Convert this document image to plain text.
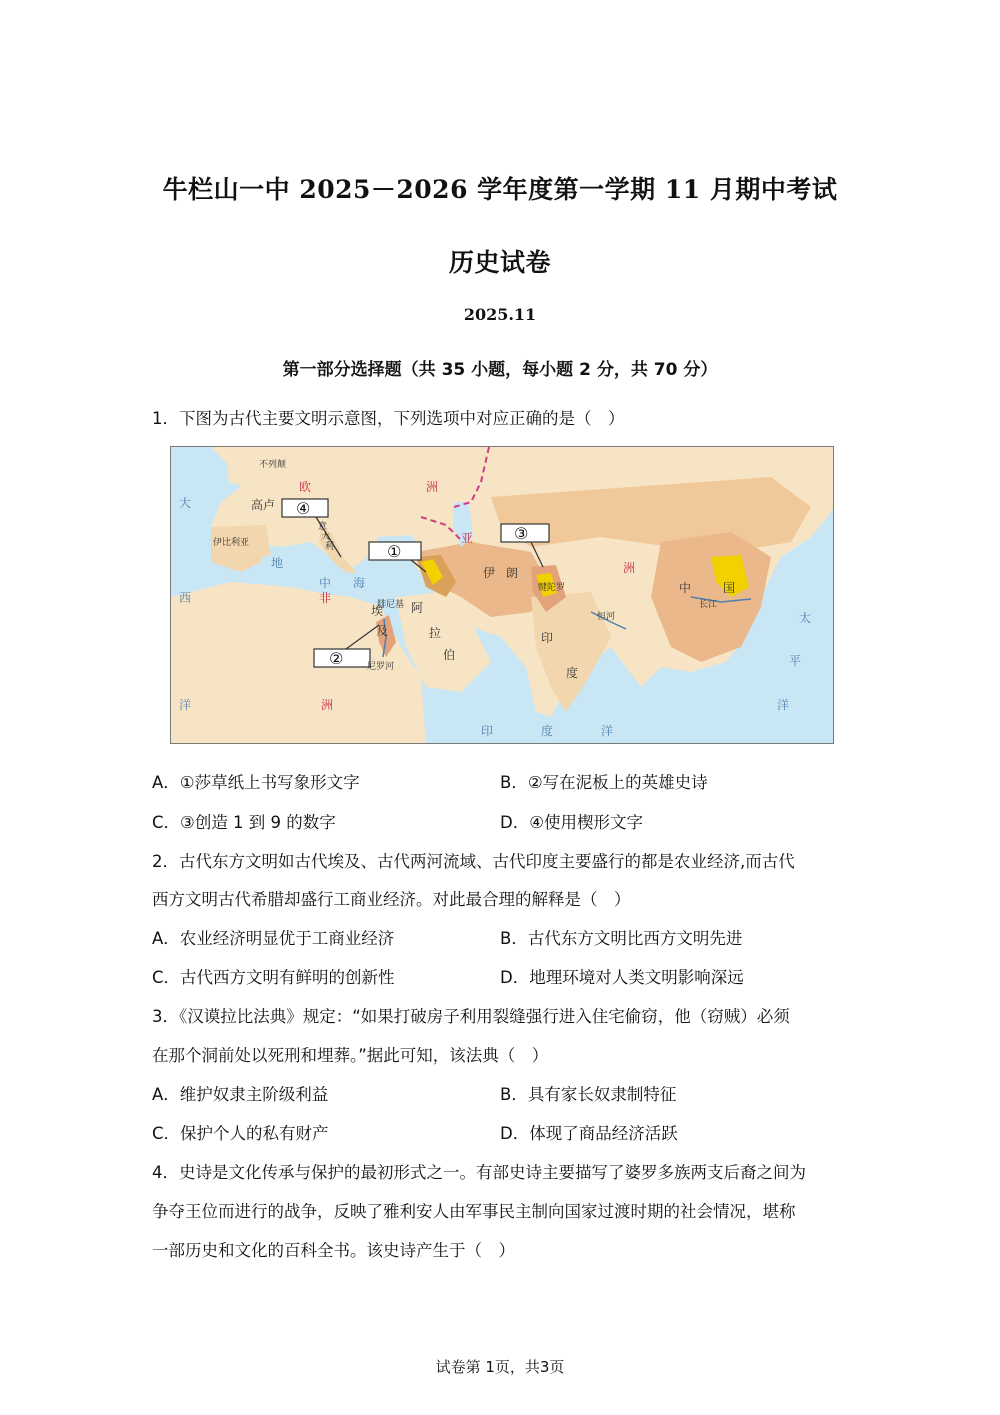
牛栏山一中 2025－2026 学年度第一学期 11 月期中考试
历史试卷
2025.11
第一部分选择题（共 35 小题，每小题 2 分，共 70 分）
1．下图为古代主要文明示意图，下列选项中对应正确的是（　）
①
②
③
④
不列颠
欧	洲
高卢
伊比利亚
意
大
利
大
西
洋
地
中 海
腓尼基
亚
洲
伊 朗
犍陀罗
印
度
中	国
阿
拉
伯
埃
及
尼罗河
恒河
长江
非
洲
印	度	洋
太
平
洋
A．①莎草纸上书写象形文字	B．②写在泥板上的英雄史诗
C．③创造 1 到 9 的数字	D．④使用楔形文字
2．古代东方文明如古代埃及、古代两河流域、古代印度主要盛行的都是农业经济,而古代
西方文明古代希腊却盛行工商业经济。对此最合理的解释是（　）
A．农业经济明显优于工商业经济	B．古代东方文明比西方文明先进
C．古代西方文明有鲜明的创新性	D．地理环境对人类文明影响深远
3．《汉谟拉比法典》规定：“如果打破房子利用裂缝强行进入住宅偷窃，他（窃贼）必须
在那个洞前处以死刑和埋葬。”据此可知，该法典（　）
A．维护奴隶主阶级利益	B．具有家长奴隶制特征
C．保护个人的私有财产	D．体现了商品经济活跃
4．史诗是文化传承与保护的最初形式之一。有部史诗主要描写了婆罗多族两支后裔之间为
争夺王位而进行的战争，反映了雅利安人由军事民主制向国家过渡时期的社会情况，堪称
一部历史和文化的百科全书。该史诗产生于（　）
试卷第 1页，共3页
